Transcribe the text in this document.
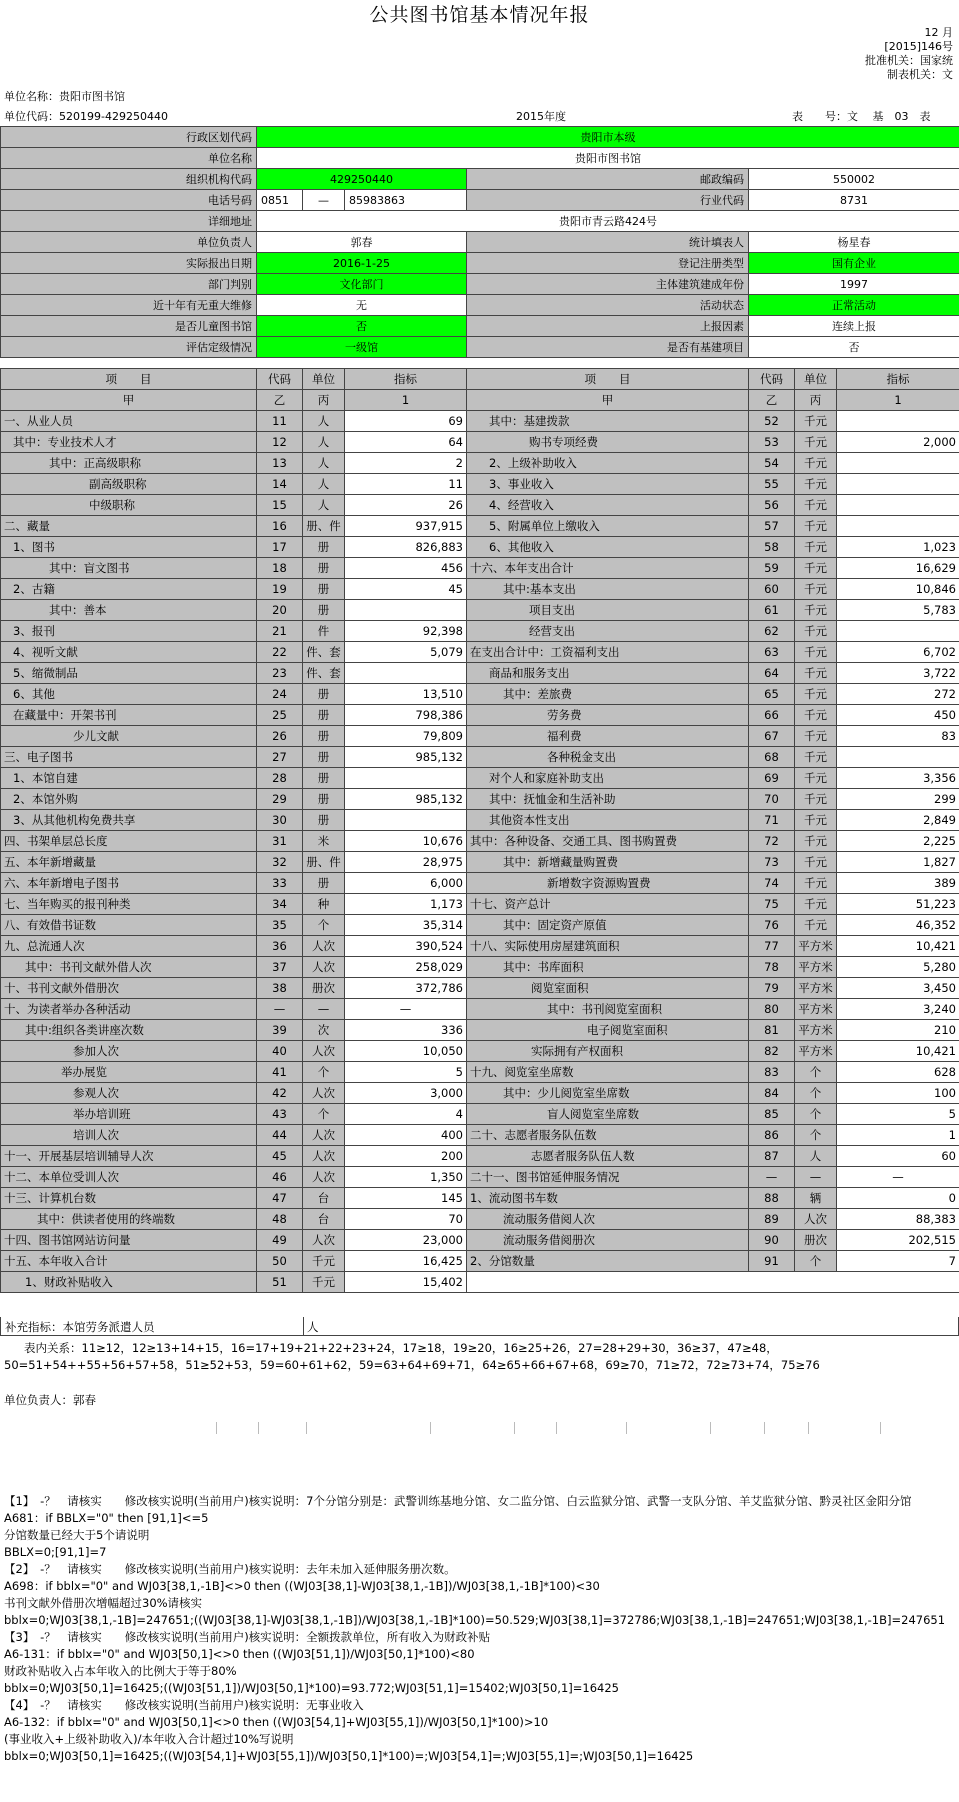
公共图书馆基本情况年报
12 月
[2015]146号
批准机关：国家统
制表机关：文
单位名称：贵阳市图书馆
单位代码：520199-429250440	2015年度	表　　号：文　 基　03　表
行政区划代码	贵阳市本级				
单位名称	贵阳市图书馆				
组织机构代码	429250440			邮政编码	550002
电话号码	0851	—	85983863	行业代码	8731
详细地址	贵阳市青云路424号				
单位负责人	郭春			统计填表人	杨星春
实际报出日期	2016-1-25			登记注册类型	国有企业
部门判别	文化部门			主体建筑建成年份	1997
近十年有无重大维修	无			活动状态	正常活动
是否儿童图书馆	否			上报因素	连续上报
评估定级情况	一级馆			是否有基建项目	否
项　　目	代码	单位	指标	项　　目	代码	单位	指标
甲	乙	丙	1	甲	乙	丙	1
一、从业人员	11	人	69	其中：基建拨款	52	千元	
其中：专业技术人才	12	人	64	购书专项经费	53	千元	2,000
其中：正高级职称	13	人	2	2、上级补助收入	54	千元	
副高级职称	14	人	11	3、事业收入	55	千元	
中级职称	15	人	26	4、经营收入	56	千元	
二、藏量	16	册、件	937,915	5、附属单位上缴收入	57	千元	
1、图书	17	册	826,883	6、其他收入	58	千元	1,023
其中：盲文图书	18	册	456	十六、本年支出合计	59	千元	16,629
2、古籍	19	册	45	其中:基本支出	60	千元	10,846
其中：善本	20	册		项目支出	61	千元	5,783
3、报刊	21	件	92,398	经营支出	62	千元	
4、视听文献	22	件、套	5,079	在支出合计中：工资福利支出	63	千元	6,702
5、缩微制品	23	件、套		商品和服务支出	64	千元	3,722
6、其他	24	册	13,510	其中：差旅费	65	千元	272
在藏量中：开架书刊	25	册	798,386	劳务费	66	千元	450
少儿文献	26	册	79,809	福利费	67	千元	83
三、电子图书	27	册	985,132	各种税金支出	68	千元	
1、本馆自建	28	册		对个人和家庭补助支出	69	千元	3,356
2、本馆外购	29	册	985,132	其中：抚恤金和生活补助	70	千元	299
3、从其他机构免费共享	30	册		其他资本性支出	71	千元	2,849
四、书架单层总长度	31	米	10,676	其中：各种设备、交通工具、图书购置费	72	千元	2,225
五、本年新增藏量	32	册、件	28,975	其中：新增藏量购置费	73	千元	1,827
六、本年新增电子图书	33	册	6,000	新增数字资源购置费	74	千元	389
七、当年购买的报刊种类	34	种	1,173	十七、资产总计	75	千元	51,223
八、有效借书证数	35	个	35,314	其中：固定资产原值	76	千元	46,352
九、总流通人次	36	人次	390,524	十八、实际使用房屋建筑面积	77	平方米	10,421
其中：书刊文献外借人次	37	人次	258,029	其中：书库面积	78	平方米	5,280
十、书刊文献外借册次	38	册次	372,786	阅览室面积	79	平方米	3,450
十、为读者举办各种活动	—	—	—	其中：书刊阅览室面积	80	平方米	3,240
其中:组织各类讲座次数	39	次	336	电子阅览室面积	81	平方米	210
参加人次	40	人次	10,050	实际拥有产权面积	82	平方米	10,421
举办展览	41	个	5	十九、阅览室坐席数	83	个	628
参观人次	42	人次	3,000	其中：少儿阅览室坐席数	84	个	100
举办培训班	43	个	4	盲人阅览室坐席数	85	个	5
培训人次	44	人次	400	二十、志愿者服务队伍数	86	个	1
十一、开展基层培训辅导人次	45	人次	200	志愿者服务队伍人数	87	人	60
十二、本单位受训人次	46	人次	1,350	二十一、图书馆延伸服务情况	—	—	—
十三、计算机台数	47	台	145	1、流动图书车数	88	辆	0
其中：供读者使用的终端数	48	台	70	流动服务借阅人次	89	人次	88,383
十四、图书馆网站访问量	49	人次	23,000	流动服务借阅册次	90	册次	202,515
十五、本年收入合计	50	千元	16,425	2、分馆数量	91	个	7
1、财政补贴收入	51	千元	15,402				
补充指标：本馆劳务派遣人员	人
表内关系：11≥12，12≥13+14+15，16=17+19+21+22+23+24，17≥18，19≥20，16≥25+26，27=28+29+30，36≥37，47≥48，50=51+54++55+56+57+58，51≥52+53，59=60+61+62，59=63+64+69+71，64≥65+66+67+68，69≥70，71≥72，72≥73+74，75≥76
单位负责人：郭春
【1】　-？　请核实　　修改核实说明(当前用户)核实说明：7个分馆分别是：武警训练基地分馆、女二监分馆、白云监狱分馆、武警一支队分馆、羊艾监狱分馆、黔灵社区金阳分馆
A681：if BBLX="0" then [91,1]<=5
分馆数量已经大于5个请说明
BBLX=0;[91,1]=7
【2】　-？　请核实　　修改核实说明(当前用户)核实说明：去年未加入延伸服务册次数。
A698：if bblx="0" and WJ03[38,1,-1B]<>0 then ((WJ03[38,1]-WJ03[38,1,-1B])/WJ03[38,1,-1B]*100)<30
书刊文献外借册次增幅超过30%请核实
bblx=0;WJ03[38,1,-1B]=247651;((WJ03[38,1]-WJ03[38,1,-1B])/WJ03[38,1,-1B]*100)=50.529;WJ03[38,1]=372786;WJ03[38,1,-1B]=247651;WJ03[38,1,-1B]=247651
【3】　-？　请核实　　修改核实说明(当前用户)核实说明：全额拨款单位，所有收入为财政补贴
A6-131：if bblx="0" and WJ03[50,1]<>0 then ((WJ03[51,1])/WJ03[50,1]*100)<80
财政补贴收入占本年收入的比例大于等于80%
bblx=0;WJ03[50,1]=16425;((WJ03[51,1])/WJ03[50,1]*100)=93.772;WJ03[51,1]=15402;WJ03[50,1]=16425
【4】　-？　请核实　　修改核实说明(当前用户)核实说明：无事业收入
A6-132：if bblx="0" and WJ03[50,1]<>0 then ((WJ03[54,1]+WJ03[55,1])/WJ03[50,1]*100)>10
(事业收入+上级补助收入)/本年收入合计超过10%写说明
bblx=0;WJ03[50,1]=16425;((WJ03[54,1]+WJ03[55,1])/WJ03[50,1]*100)=;WJ03[54,1]=;WJ03[55,1]=;WJ03[50,1]=16425
